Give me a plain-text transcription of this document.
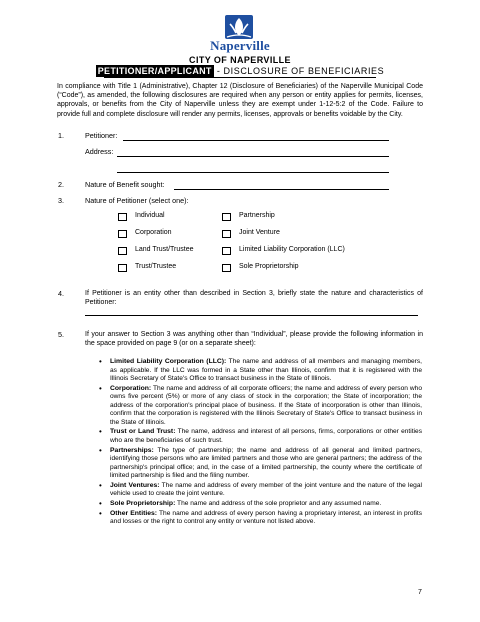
Naperville
CITY OF NAPERVILLE
PETITIONER/APPLICANT - DISCLOSURE OF BENEFICIARIES
In compliance with Title 1 (Administrative), Chapter 12 (Disclosure of Beneficiaries) of the Naperville Municipal Code (“Code”), as amended, the following disclosures are required when any person or entity applies for permits, licenses, approvals, or benefits from the City of Naperville unless they are exempt under 1-12-5:2 of the Code. Failure to provide full and complete disclosure will render any permits, licenses, approvals or benefits voidable by the City.
1.	Petitioner:
Address:
2.	Nature of Benefit sought:
3.	Nature of Petitioner (select one):
Individual	Partnership
Corporation	Joint Venture
Land Trust/Trustee	Limited Liability Corporation (LLC)
Trust/Trustee	Sole Proprietorship
4.	If Petitioner is an entity other than described in Section 3, briefly state the nature and characteristics of Petitioner:
5.	If your answer to Section 3 was anything other than “Individual”, please provide the following information in the space provided on page 9 (or on a separate sheet):
• Limited Liability Corporation (LLC): The name and address of all members and managing members, as applicable. If the LLC was formed in a State other than Illinois, confirm that it is registered with the Illinois Secretary of State's Office to transact business in the State of Illinois.
• Corporation: The name and address of all corporate officers; the name and address of every person who owns five percent (5%) or more of any class of stock in the corporation; the State of incorporation; the address of the corporation's principal place of business. If the State of incorporation is other than Illinois, confirm that the corporation is registered with the Illinois Secretary of State's Office to transact business in the State of Illinois.
• Trust or Land Trust: The name, address and interest of all persons, firms, corporations or other entities who are the beneficiaries of such trust.
• Partnerships: The type of partnership; the name and address of all general and limited partners, identifying those persons who are limited partners and those who are general partners; the address of the partnership's principal office; and, in the case of a limited partnership, the county where the certificate of limited partnership is filed and the filing number.
• Joint Ventures: The name and address of every member of the joint venture and the nature of the legal vehicle used to create the joint venture.
• Sole Proprietorship: The name and address of the sole proprietor and any assumed name.
• Other Entities: The name and address of every person having a proprietary interest, an interest in profits and losses or the right to control any entity or venture not listed above.
7
